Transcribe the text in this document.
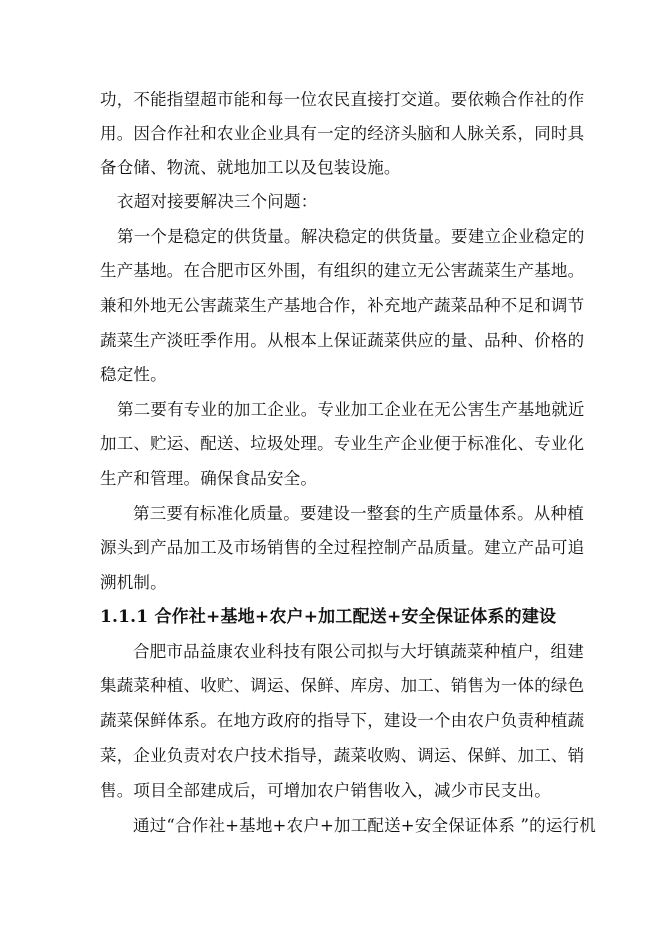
功，不能指望超市能和每一位农民直接打交道。要依赖合作社的作
用。因合作社和农业企业具有一定的经济头脑和人脉关系，同时具
备仓储、物流、就地加工以及包装设施。
衣超对接要解决三个问题：
第一个是稳定的供货量。解决稳定的供货量。要建立企业稳定的
生产基地。在合肥市区外围，有组织的建立无公害蔬菜生产基地。
兼和外地无公害蔬菜生产基地合作，补充地产蔬菜品种不足和调节
蔬菜生产淡旺季作用。从根本上保证蔬菜供应的量、品种、价格的
稳定性。
第二要有专业的加工企业。专业加工企业在无公害生产基地就近
加工、贮运、配送、垃圾处理。专业生产企业便于标准化、专业化
生产和管理。确保食品安全。
第三要有标准化质量。要建设一整套的生产质量体系。从种植
源头到产品加工及市场销售的全过程控制产品质量。建立产品可追
溯机制。
1.1.1 合作社+基地+农户+加工配送+安全保证体系的建设
合肥市品益康农业科技有限公司拟与大圩镇蔬菜种植户，组建
集蔬菜种植、收贮、调运、保鲜、库房、加工、销售为一体的绿色
蔬菜保鲜体系。在地方政府的指导下，建设一个由农户负责种植蔬
菜，企业负责对农户技术指导，蔬菜收购、调运、保鲜、加工、销
售。项目全部建成后，可增加农户销售收入，减少市民支出。
通过“合作社+基地+农户+加工配送+安全保证体系 ”的运行机
